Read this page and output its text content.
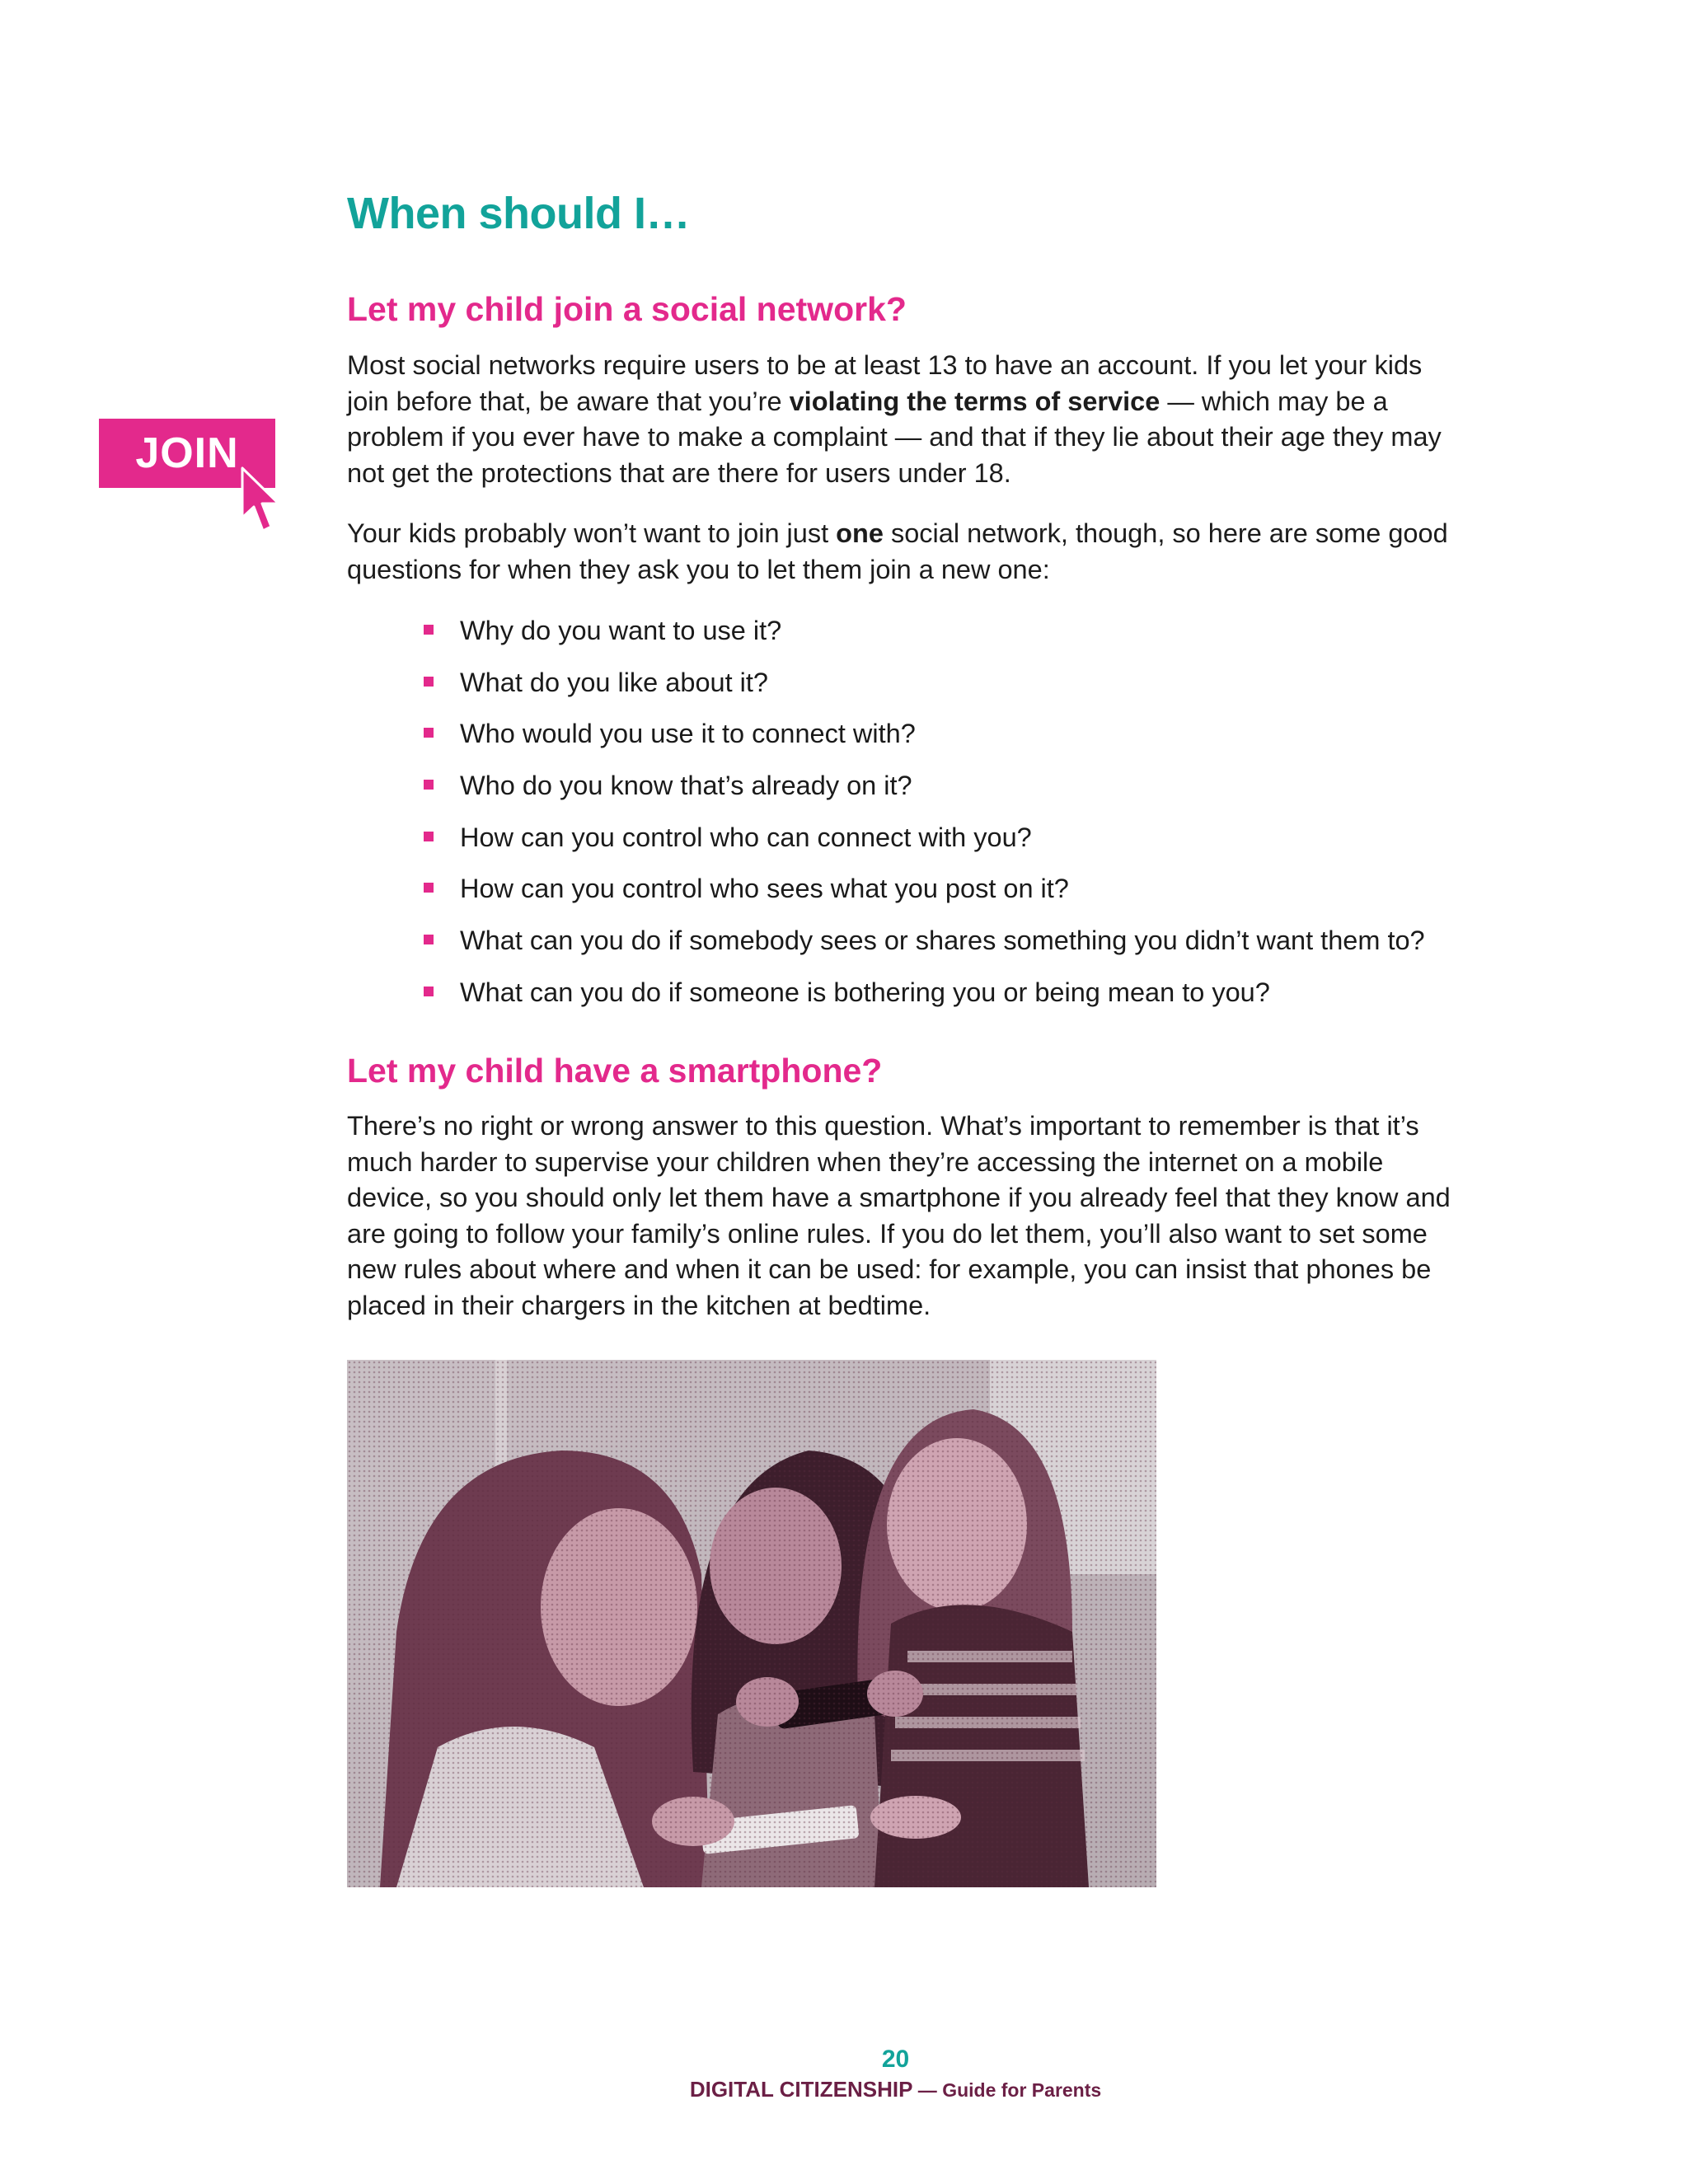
When should I…
JOIN
Let my child join a social network?

Most social networks require users to be at least 13 to have an account. If you let your kids join before that, be aware that you’re violating the terms of service — which may be a problem if you ever have to make a complaint — and that if they lie about their age they may not get the protections that are there for users under 18.

Your kids probably won’t want to join just one social network, though, so here are some good questions for when they ask you to let them join a new one:

Why do you want to use it?
What do you like about it?
Who would you use it to connect with?
Who do you know that’s already on it?
How can you control who can connect with you?
How can you control who sees what you post on it?
What can you do if somebody sees or shares something you didn’t want them to?
What can you do if someone is bothering you or being mean to you?
Let my child have a smartphone?

There’s no right or wrong answer to this question. What’s important to remember is that it’s much harder to supervise your children when they’re accessing the internet on a mobile device, so you should only let them have a smartphone if you already feel that they know and are going to follow your family’s online rules. If you do let them, you’ll also want to set some new rules about where and when it can be used: for example, you can insist that phones be placed in their chargers in the kitchen at bedtime.

20
DIGITAL CITIZENSHIP — Guide for Parents
